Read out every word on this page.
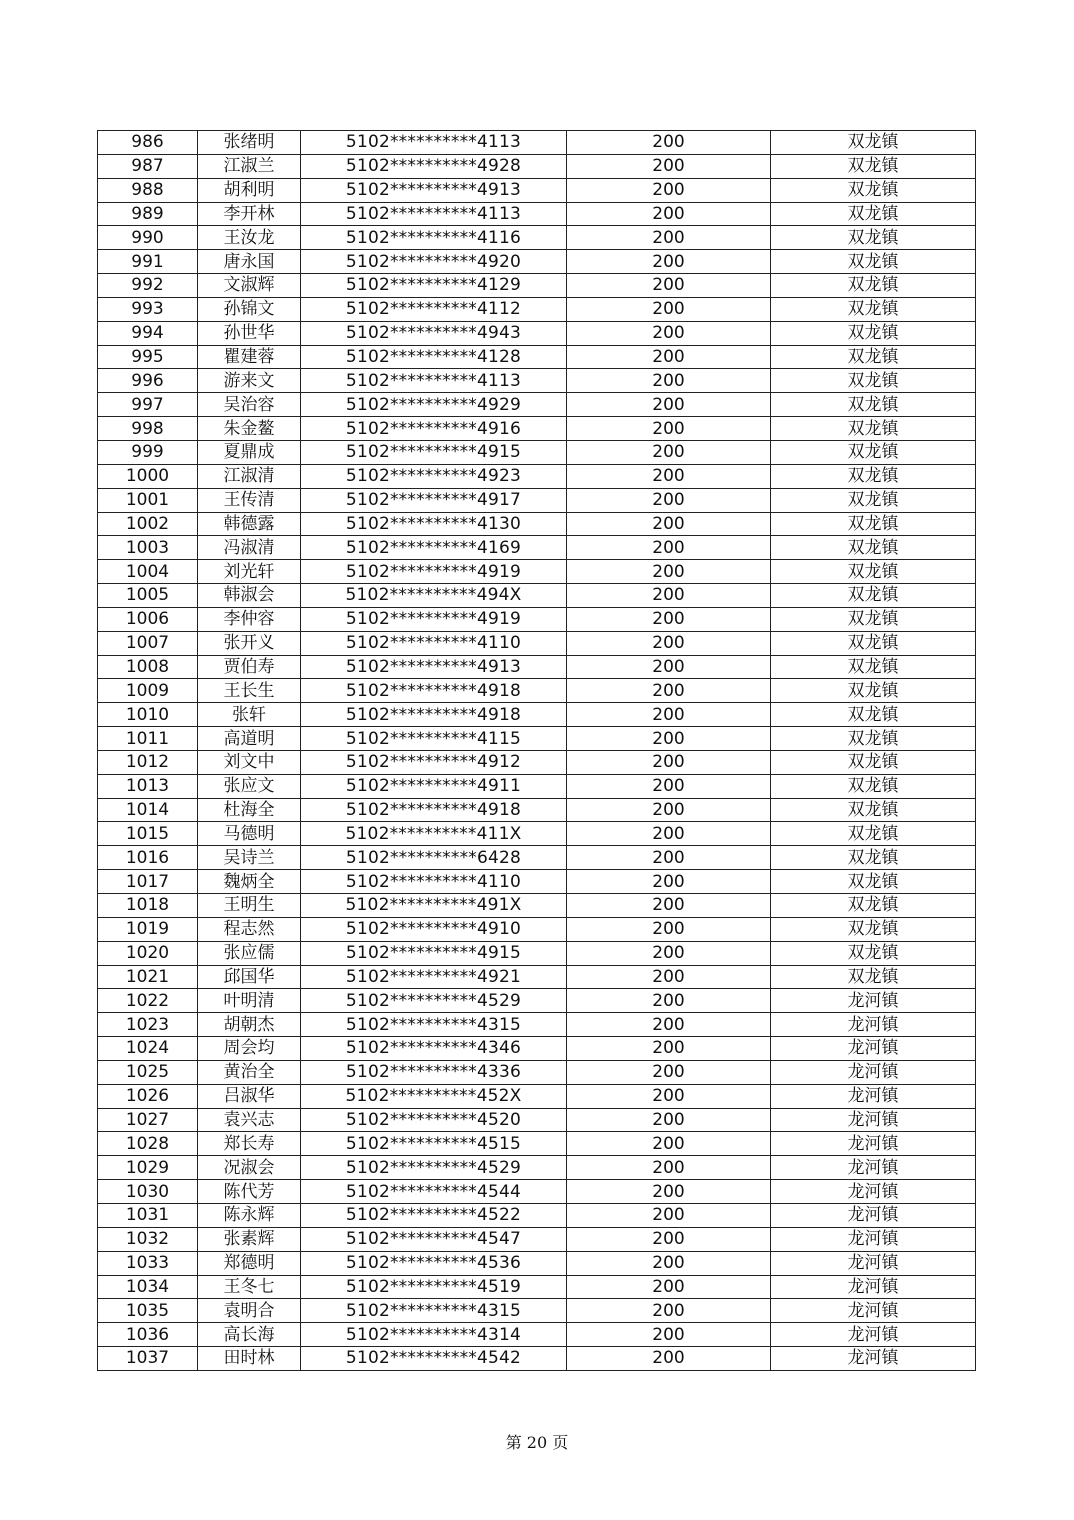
986	张绪明	5102**********4113	200	双龙镇
987	江淑兰	5102**********4928	200	双龙镇
988	胡利明	5102**********4913	200	双龙镇
989	李开林	5102**********4113	200	双龙镇
990	王汝龙	5102**********4116	200	双龙镇
991	唐永国	5102**********4920	200	双龙镇
992	文淑辉	5102**********4129	200	双龙镇
993	孙锦文	5102**********4112	200	双龙镇
994	孙世华	5102**********4943	200	双龙镇
995	瞿建蓉	5102**********4128	200	双龙镇
996	游来文	5102**********4113	200	双龙镇
997	吴治容	5102**********4929	200	双龙镇
998	朱金鳌	5102**********4916	200	双龙镇
999	夏鼎成	5102**********4915	200	双龙镇
1000	江淑清	5102**********4923	200	双龙镇
1001	王传清	5102**********4917	200	双龙镇
1002	韩德露	5102**********4130	200	双龙镇
1003	冯淑清	5102**********4169	200	双龙镇
1004	刘光轩	5102**********4919	200	双龙镇
1005	韩淑会	5102**********494X	200	双龙镇
1006	李仲容	5102**********4919	200	双龙镇
1007	张开义	5102**********4110	200	双龙镇
1008	贾伯寿	5102**********4913	200	双龙镇
1009	王长生	5102**********4918	200	双龙镇
1010	张轩	5102**********4918	200	双龙镇
1011	高道明	5102**********4115	200	双龙镇
1012	刘文中	5102**********4912	200	双龙镇
1013	张应文	5102**********4911	200	双龙镇
1014	杜海全	5102**********4918	200	双龙镇
1015	马德明	5102**********411X	200	双龙镇
1016	吴诗兰	5102**********6428	200	双龙镇
1017	魏炳全	5102**********4110	200	双龙镇
1018	王明生	5102**********491X	200	双龙镇
1019	程志然	5102**********4910	200	双龙镇
1020	张应儒	5102**********4915	200	双龙镇
1021	邱国华	5102**********4921	200	双龙镇
1022	叶明清	5102**********4529	200	龙河镇
1023	胡朝杰	5102**********4315	200	龙河镇
1024	周会均	5102**********4346	200	龙河镇
1025	黄治全	5102**********4336	200	龙河镇
1026	吕淑华	5102**********452X	200	龙河镇
1027	袁兴志	5102**********4520	200	龙河镇
1028	郑长寿	5102**********4515	200	龙河镇
1029	况淑会	5102**********4529	200	龙河镇
1030	陈代芳	5102**********4544	200	龙河镇
1031	陈永辉	5102**********4522	200	龙河镇
1032	张素辉	5102**********4547	200	龙河镇
1033	郑德明	5102**********4536	200	龙河镇
1034	王冬七	5102**********4519	200	龙河镇
1035	袁明合	5102**********4315	200	龙河镇
1036	高长海	5102**********4314	200	龙河镇
1037	田时林	5102**********4542	200	龙河镇
第 20 页
